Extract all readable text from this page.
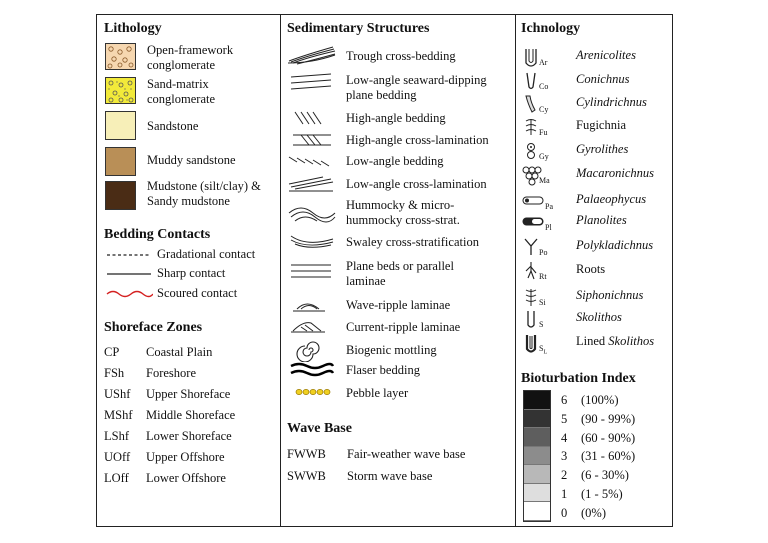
Lithology
Open-framework
conglomerate
Sand-matrix
conglomerate
Sandstone
Muddy sandstone
Mudstone (silt/clay) &
Sandy mudstone
Bedding Contacts
Gradational contact
Sharp contact
Scoured contact
Shoreface Zones
CP Coastal Plain
FSh Foreshore
UShf Upper Shoreface
MShf Middle Shoreface
LShf Lower Shoreface
UOff Upper Offshore
LOff Lower Offshore
Sedimentary Structures
Trough cross-bedding
Low-angle seaward-dipping
plane bedding
High-angle bedding
High-angle cross-lamination
Low-angle bedding
Low-angle cross-lamination
Hummocky & micro-
hummocky cross-strat.
Swaley cross-stratification
Plane beds or parallel
laminae
Wave-ripple laminae
Current-ripple laminae
Biogenic mottling
Flaser bedding
Pebble layer
Wave Base
FWWB Fair-weather wave base
SWWB Storm wave base
Ichnology
Ar
Arenicolites
Co
Conichnus
Cy
Cylindrichnus
Fu
Fugichnia
Gy
Gyrolithes
Ma
Macaronichnus
Pa
Palaeophycus
Pl
Planolites
Po
Polykladichnus
Rt
Roots
Si
Siphonichnus
S
Skolithos
$S_L$
Lined Skolithos
Bioturbation Index
6 (100%)
5 (90 - 99%)
4 (60 - 90%)
3 (31 - 60%)
2 (6 - 30%)
1 (1 - 5%)
0 (0%)
